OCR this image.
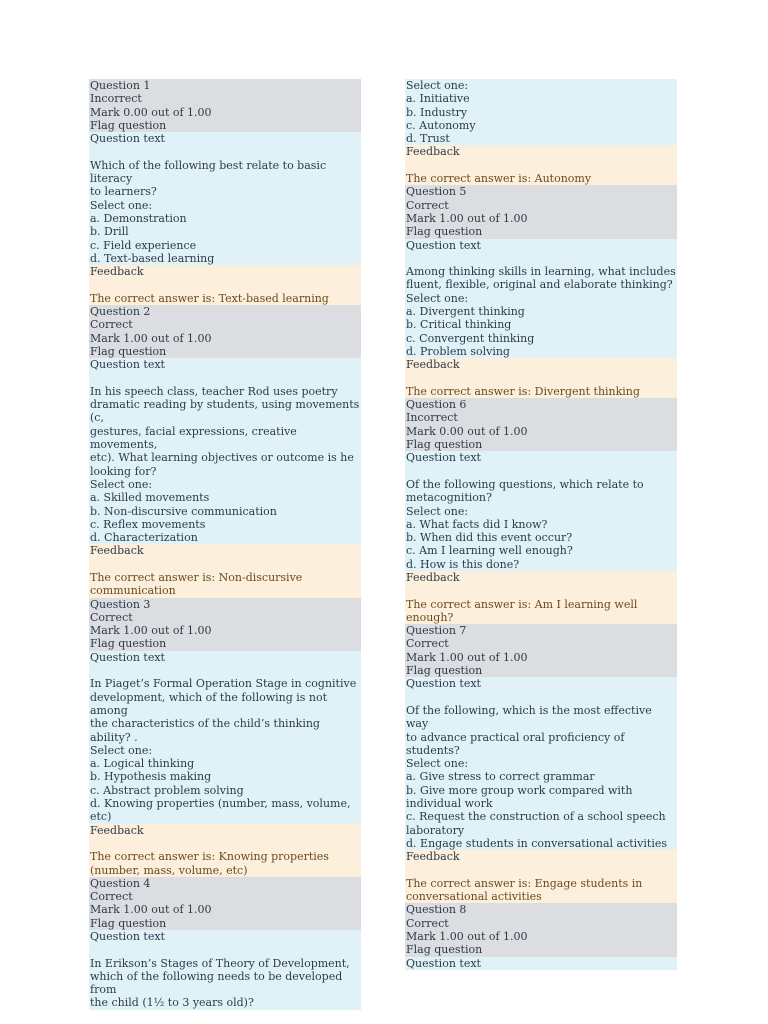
Question 1
Incorrect
Mark 0.00 out of 1.00
Flag question
Question text
Which of the following best relate to basic literacy
to learners?
Select one:
a. Demonstration
b. Drill
c. Field experience
d. Text-based learning
Feedback
The correct answer is: Text-based learning
Question 2
Correct
Mark 1.00 out of 1.00
Flag question
Question text
In his speech class, teacher Rod uses poetry
dramatic reading by students, using movements (c,
gestures, facial expressions, creative movements,
etc). What learning objectives or outcome is he
looking for?
Select one:
a. Skilled movements
b. Non-discursive communication
c. Reflex movements
d. Characterization
Feedback
The correct answer is: Non-discursive
communication
Question 3
Correct
Mark 1.00 out of 1.00
Flag question
Question text
In Piaget’s Formal Operation Stage in cognitive
development, which of the following is not among
the characteristics of the child’s thinking ability? .
Select one:
a. Logical thinking
b. Hypothesis making
c. Abstract problem solving
d. Knowing properties (number, mass, volume,
etc)
Feedback
The correct answer is: Knowing properties
(number, mass, volume, etc)
Question 4
Correct
Mark 1.00 out of 1.00
Flag question
Question text
In Erikson’s Stages of Theory of Development,
which of the following needs to be developed from
the child (1½ to 3 years old)?
Select one:
a. Initiative
b. Industry
c. Autonomy
d. Trust
Feedback
The correct answer is: Autonomy
Question 5
Correct
Mark 1.00 out of 1.00
Flag question
Question text
Among thinking skills in learning, what includes
fluent, flexible, original and elaborate thinking?
Select one:
a. Divergent thinking
b. Critical thinking
c. Convergent thinking
d. Problem solving
Feedback
The correct answer is: Divergent thinking
Question 6
Incorrect
Mark 0.00 out of 1.00
Flag question
Question text
Of the following questions, which relate to
metacognition?
Select one:
a. What facts did I know?
b. When did this event occur?
c. Am I learning well enough?
d. How is this done?
Feedback
The correct answer is: Am I learning well enough?
Question 7
Correct
Mark 1.00 out of 1.00
Flag question
Question text
Of the following, which is the most effective way
to advance practical oral proficiency of students?
Select one:
a. Give stress to correct grammar
b. Give more group work compared with
individual work
c. Request the construction of a school speech
laboratory
d. Engage students in conversational activities
Feedback
The correct answer is: Engage students in
conversational activities
Question 8
Correct
Mark 1.00 out of 1.00
Flag question
Question text
